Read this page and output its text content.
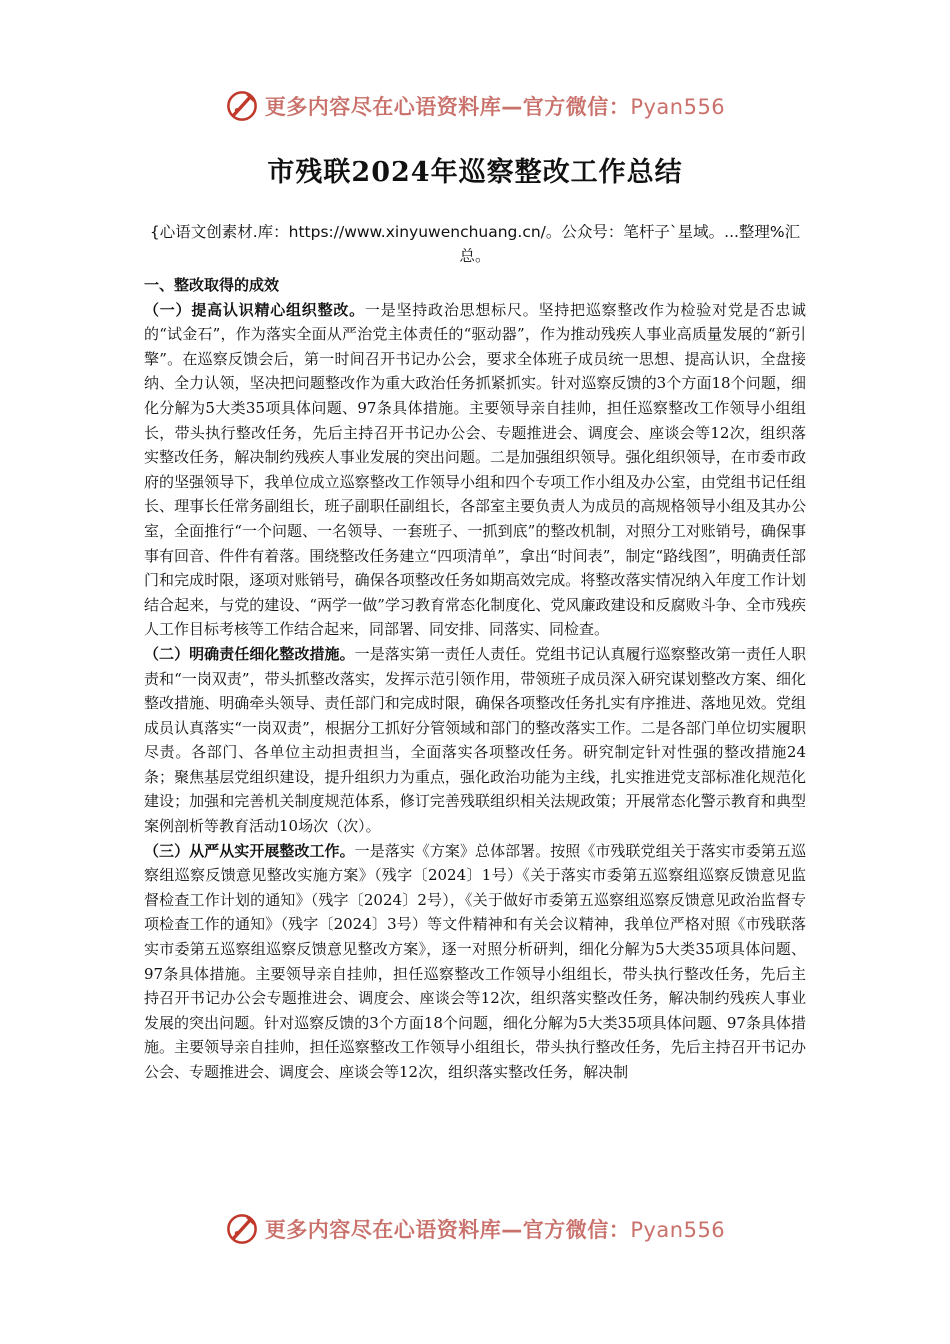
更多内容尽在心语资料库—官方微信：Pyan556
市残联2024年巡察整改工作总结
{心语文创素材.库：https://www.xinyuwenchuang.cn/。公众号：笔杆子`星域。...整理%汇总。

一、整改取得的成效

（一）提高认识精心组织整改。一是坚持政治思想标尺。坚持把巡察整改作为检验对党是否忠诚的“试金石”，作为落实全面从严治党主体责任的“驱动器”，作为推动残疾人事业高质量发展的“新引擎”。在巡察反馈会后，第一时间召开书记办公会，要求全体班子成员统一思想、提高认识，全盘接纳、全力认领，坚决把问题整改作为重大政治任务抓紧抓实。针对巡察反馈的3个方面18个问题，细化分解为5大类35项具体问题、97条具体措施。主要领导亲自挂帅，担任巡察整改工作领导小组组长，带头执行整改任务，先后主持召开书记办公会、专题推进会、调度会、座谈会等12次，组织落实整改任务，解决制约残疾人事业发展的突出问题。二是加强组织领导。强化组织领导，在市委市政府的坚强领导下，我单位成立巡察整改工作领导小组和四个专项工作小组及办公室，由党组书记任组长、理事长任常务副组长，班子副职任副组长，各部室主要负责人为成员的高规格领导小组及其办公室，全面推行“一个问题、一名领导、一套班子、一抓到底”的整改机制，对照分工对账销号，确保事事有回音、件件有着落。围绕整改任务建立“四项清单”，拿出“时间表”，制定“路线图”，明确责任部门和完成时限，逐项对账销号，确保各项整改任务如期高效完成。将整改落实情况纳入年度工作计划结合起来，与党的建设、“两学一做”学习教育常态化制度化、党风廉政建设和反腐败斗争、全市残疾人工作目标考核等工作结合起来，同部署、同安排、同落实、同检查。

（二）明确责任细化整改措施。一是落实第一责任人责任。党组书记认真履行巡察整改第一责任人职责和“一岗双责”，带头抓整改落实，发挥示范引领作用，带领班子成员深入研究谋划整改方案、细化整改措施、明确牵头领导、责任部门和完成时限，确保各项整改任务扎实有序推进、落地见效。党组成员认真落实“一岗双责”，根据分工抓好分管领域和部门的整改落实工作。二是各部门单位切实履职尽责。各部门、各单位主动担责担当，全面落实各项整改任务。研究制定针对性强的整改措施24条；聚焦基层党组织建设，提升组织力为重点，强化政治功能为主线，扎实推进党支部标准化规范化建设；加强和完善机关制度规范体系，修订完善残联组织相关法规政策；开展常态化警示教育和典型案例剖析等教育活动10场次（次）。

（三）从严从实开展整改工作。一是落实《方案》总体部署。按照《市残联党组关于落实市委第五巡察组巡察反馈意见整改实施方案》（残字〔2024〕1号）《关于落实市委第五巡察组巡察反馈意见监督检查工作计划的通知》（残字〔2024〕2号），《关于做好市委第五巡察组巡察反馈意见政治监督专项检查工作的通知》（残字〔2024〕3号）等文件精神和有关会议精神，我单位严格对照《市残联落实市委第五巡察组巡察反馈意见整改方案》，逐一对照分析研判，细化分解为5大类35项具体问题、97条具体措施。主要领导亲自挂帅，担任巡察整改工作领导小组组长，带头执行整改任务，先后主持召开书记办公会专题推进会、调度会、座谈会等12次，组织落实整改任务，解决制约残疾人事业发展的突出问题。针对巡察反馈的3个方面18个问题，细化分解为5大类35项具体问题、97条具体措施。主要领导亲自挂帅，担任巡察整改工作领导小组组长，带头执行整改任务，先后主持召开书记办公会、专题推进会、调度会、座谈会等12次，组织落实整改任务，解决制

更多内容尽在心语资料库—官方微信：Pyan556
